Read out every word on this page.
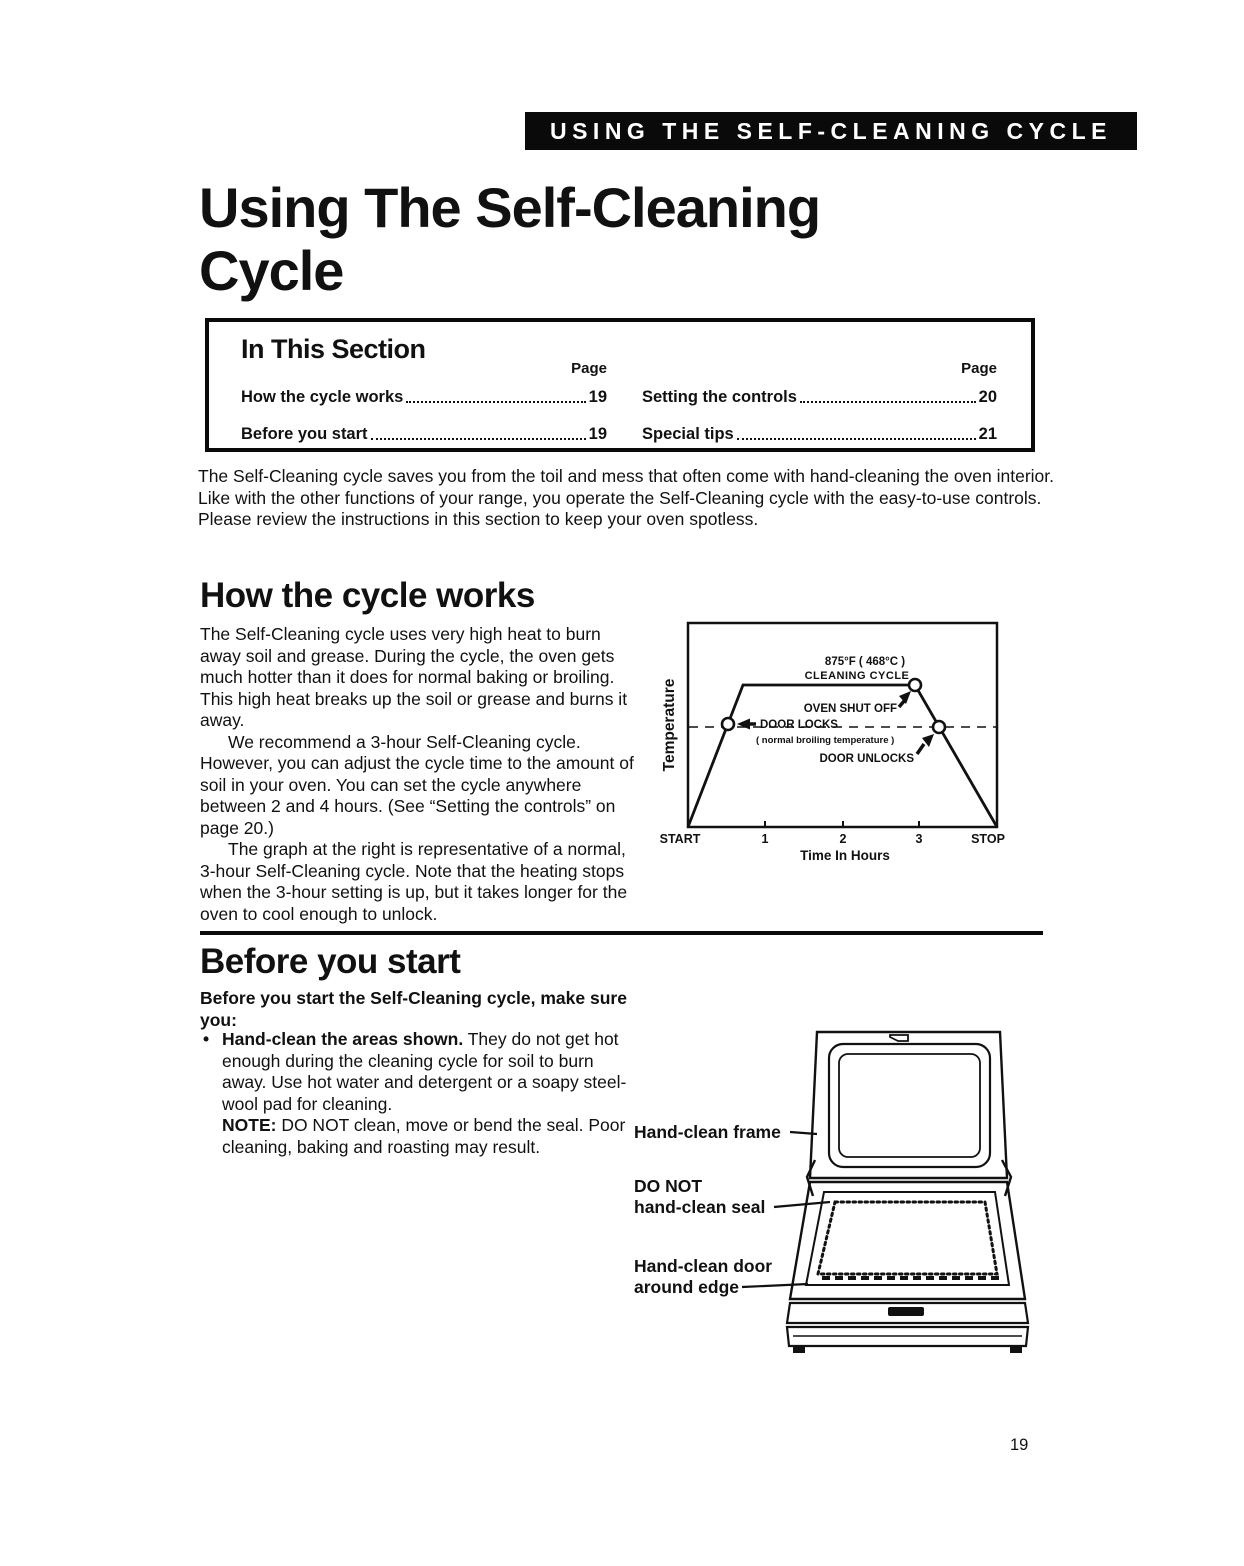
USING THE SELF-CLEANING CYCLE
Using The Self-Cleaning
Cycle
In This Section
Page
How the cycle works	19
Before you start	19
Page
Setting the controls	20
Special tips	21
The Self-Cleaning cycle saves you from the toil and mess that often come with hand-cleaning the oven interior. Like with the other functions of your range, you operate the Self-Cleaning cycle with the easy-to-use controls. Please review the instructions in this section to keep your oven spotless.
How the cycle works

The Self-Cleaning cycle uses very high heat to burn away soil and grease. During the cycle, the oven gets much hotter than it does for normal baking or broiling. This high heat breaks up the soil or grease and burns it away.

We recommend a 3-hour Self-Cleaning cycle. However, you can adjust the cycle time to the amount of soil in your oven. You can set the cycle anywhere between 2 and 4 hours. (See “Setting the controls” on page 20.)

The graph at the right is representative of a normal, 3-hour Self-Cleaning cycle. Note that the heating stops when the 3-hour setting is up, but it takes longer for the oven to cool enough to unlock.

875°F ( 468°C )
CLEANING CYCLE
OVEN SHUT OFF
DOOR LOCKS
( normal broiling temperature )
DOOR UNLOCKS
Temperature
START	1	2	3	STOP
Time In Hours
Before you start
Before you start the Self-Cleaning cycle, make sure you:
• Hand-clean the areas shown. They do not get hot enough during the cleaning cycle for soil to burn away. Use hot water and detergent or a soapy steel-wool pad for cleaning.
NOTE: DO NOT clean, move or bend the seal. Poor cleaning, baking and roasting may result.
Hand-clean frame
DO NOT
hand-clean seal
Hand-clean door
around edge
19
